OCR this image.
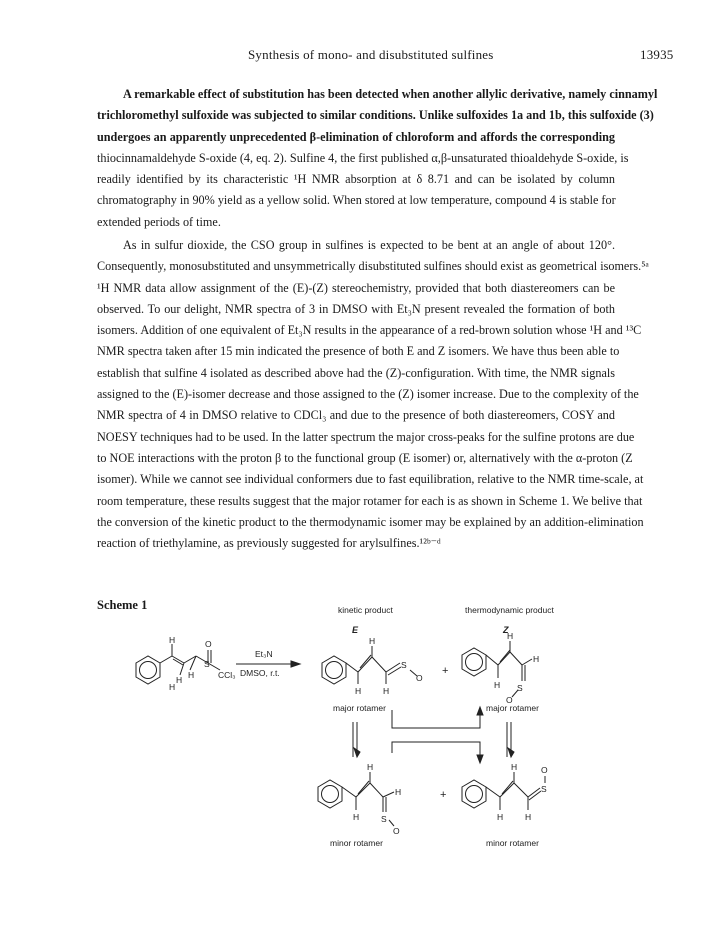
Synthesis of mono- and disubstituted sulfines	13935
A remarkable effect of substitution has been detected when another allylic derivative, namely cinnamyl
trichloromethyl sulfoxide was subjected to similar conditions. Unlike sulfoxides 1a and 1b, this sulfoxide (3)
undergoes an apparently unprecedented β-elimination of chloroform and affords the corresponding
thiocinnamaldehyde S-oxide (4, eq. 2). Sulfine 4, the first published α,β-unsaturated thioaldehyde S-oxide, is
readily identified by its characteristic ¹H NMR absorption at δ 8.71 and can be isolated by column
chromatography in 90% yield as a yellow solid. When stored at low temperature, compound 4 is stable for
extended periods of time.
As in sulfur dioxide, the CSO group in sulfines is expected to be bent at an angle of about 120°.
Consequently, monosubstituted and unsymmetrically disubstituted sulfines should exist as geometrical isomers.⁵ᵃ
¹H NMR data allow assignment of the (E)-(Z) stereochemistry, provided that both diastereomers can be
observed. To our delight, NMR spectra of 3 in DMSO with Et₃N present revealed the formation of both
isomers. Addition of one equivalent of Et₃N results in the appearance of a red-brown solution whose ¹H and ¹³C
NMR spectra taken after 15 min indicated the presence of both E and Z isomers. We have thus been able to
establish that sulfine 4 isolated as described above had the (Z)-configuration. With time, the NMR signals
assigned to the (E)-isomer decrease and those assigned to the (Z) isomer increase. Due to the complexity of the
NMR spectra of 4 in DMSO relative to CDCl₃ and due to the presence of both diastereomers, COSY and
NOESY techniques had to be used. In the latter spectrum the major cross-peaks for the sulfine protons are due
to NOE interactions with the proton β to the functional group (E isomer) or, alternatively with the α-proton (Z
isomer). While we cannot see individual conformers due to fast equilibration, relative to the NMR time-scale, at
room temperature, these results suggest that the major rotamer for each is as shown in Scheme 1. We belive that
the conversion of the kinetic product to the thermodynamic isomer may be explained by an addition-elimination
reaction of triethylamine, as previously suggested for arylsulfines.¹²ᵇ⁻ᵈ
Scheme 1	kinetic product	thermodynamic product
E	Z
H	O
S
CCl₃
H H
H
Et₃N
DMSO, r.t.
H
S
O
H	H
+
H
H
H S
O
major rotamer	major rotamer
H
H
H	S
O
+
H	O
S
H	H
minor rotamer	minor rotamer
